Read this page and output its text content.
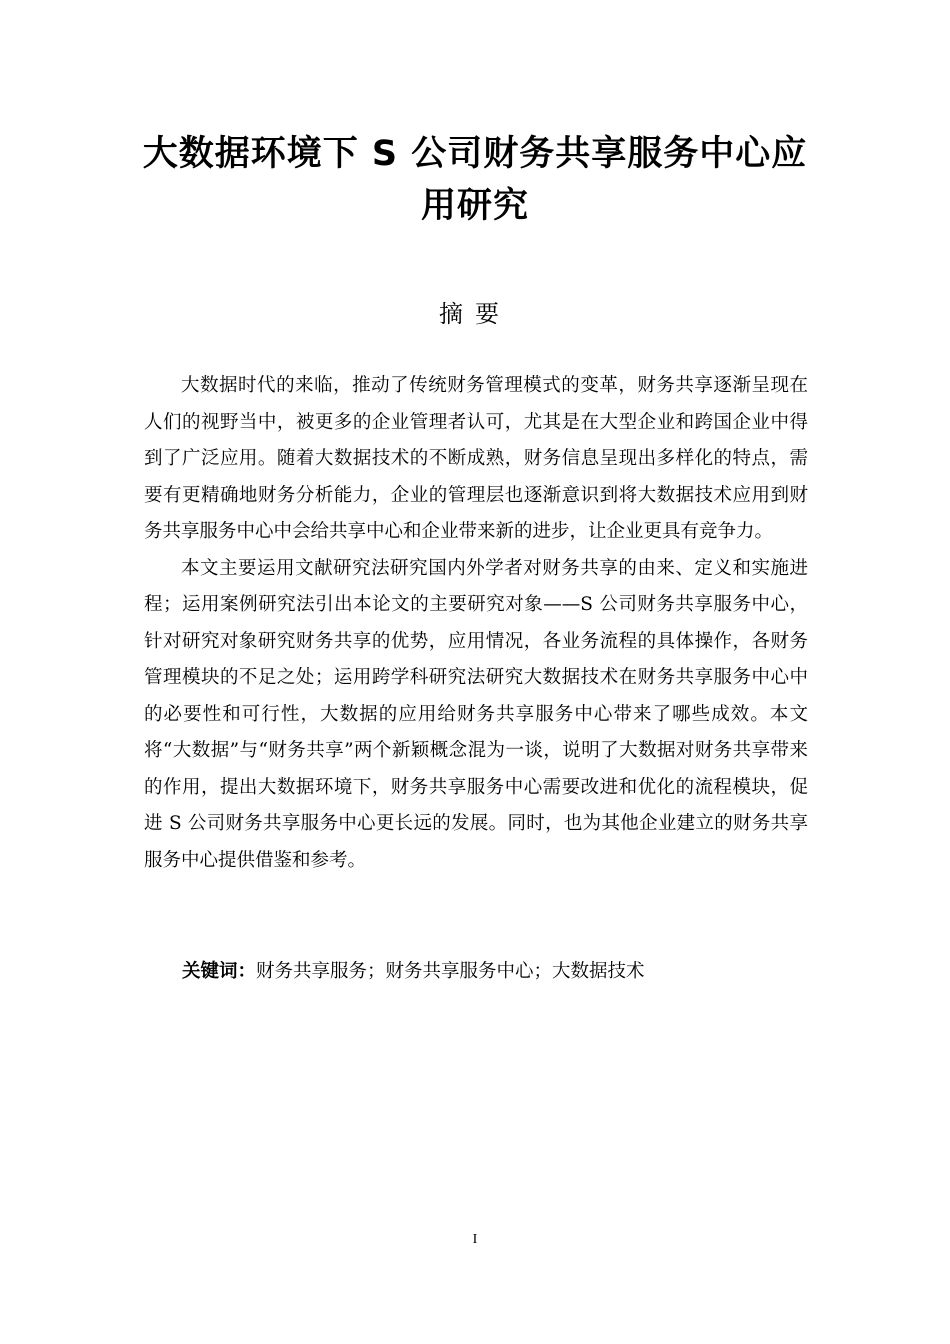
大数据环境下 S 公司财务共享服务中心应
用研究
摘要

大数据时代的来临，推动了传统财务管理模式的变革，财务共享逐渐呈现在人们的视野当中，被更多的企业管理者认可，尤其是在大型企业和跨国企业中得到了广泛应用。随着大数据技术的不断成熟，财务信息呈现出多样化的特点，需要有更精确地财务分析能力，企业的管理层也逐渐意识到将大数据技术应用到财务共享服务中心中会给共享中心和企业带来新的进步，让企业更具有竞争力。

本文主要运用文献研究法研究国内外学者对财务共享的由来、定义和实施进程；运用案例研究法引出本论文的主要研究对象——S 公司财务共享服务中心，针对研究对象研究财务共享的优势，应用情况，各业务流程的具体操作，各财务管理模块的不足之处；运用跨学科研究法研究大数据技术在财务共享服务中心中的必要性和可行性，大数据的应用给财务共享服务中心带来了哪些成效。本文将“大数据”与“财务共享”两个新颖概念混为一谈，说明了大数据对财务共享带来的作用，提出大数据环境下，财务共享服务中心需要改进和优化的流程模块，促进 S 公司财务共享服务中心更长远的发展。同时，也为其他企业建立的财务共享服务中心提供借鉴和参考。

关键词：财务共享服务；财务共享服务中心；大数据技术
I
